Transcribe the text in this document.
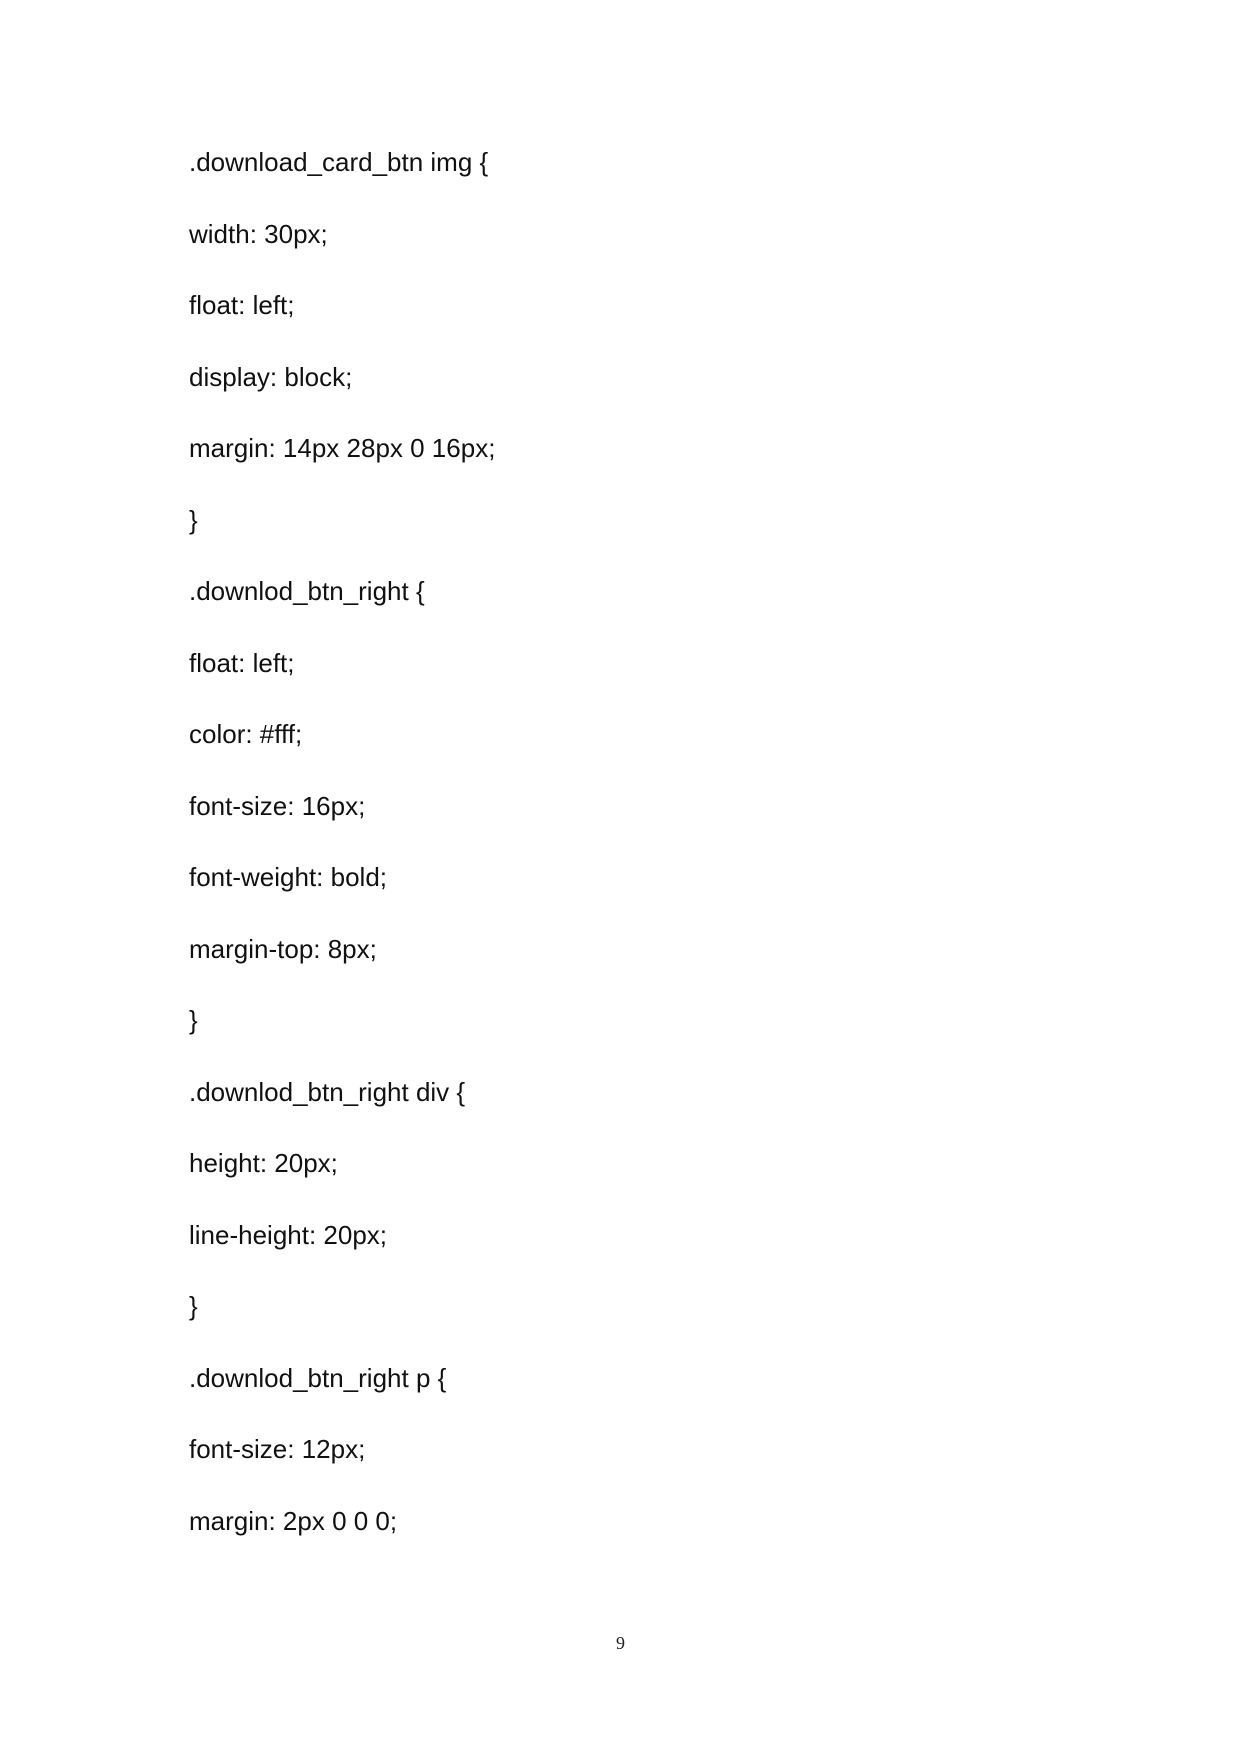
.download_card_btn img {
width: 30px;
float: left;
display: block;
margin: 14px 28px 0 16px;
}
.downlod_btn_right {
float: left;
color: #fff;
font-size: 16px;
font-weight: bold;
margin-top: 8px;
}
.downlod_btn_right div {
height: 20px;
line-height: 20px;
}
.downlod_btn_right p {
font-size: 12px;
margin: 2px 0 0 0;
9
